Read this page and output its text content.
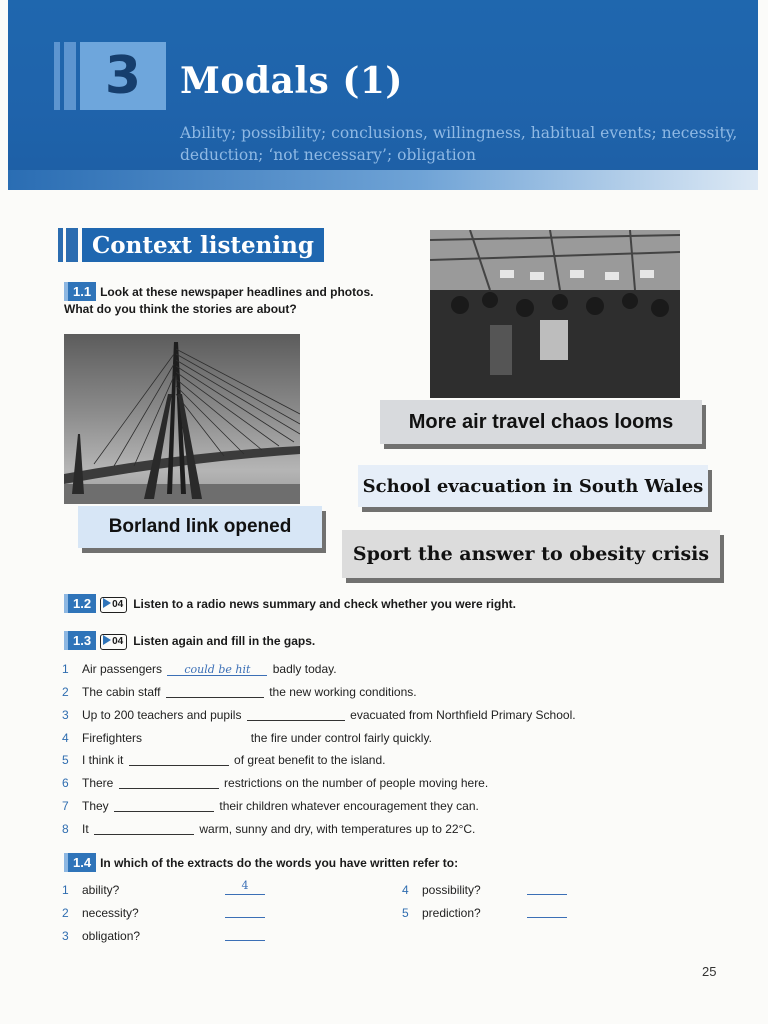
3 Modals (1)
Ability; possibility; conclusions, willingness, habitual events; necessity, deduction; ‘not necessary’; obligation
Context listening
1.1 Look at these newspaper headlines and photos.
What do you think the stories are about?
More air travel chaos looms
School evacuation in South Wales
Borland link opened
Sport the answer to obesity crisis
1.2 04 Listen to a radio news summary and check whether you were right.
1.3 04 Listen again and fill in the gaps.
1 Air passengers could be hit badly today.
2 The cabin staff	the new working conditions.
3 Up to 200 teachers and pupils	evacuated from Northfield Primary School.
4 Firefighters	the fire under control fairly quickly.
5 I think it	of great benefit to the island.
6 There	restrictions on the number of people moving here.
7 They	their children whatever encouragement they can.
8 It	warm, sunny and dry, with temperatures up to 22°C.
1.4 In which of the extracts do the words you have written refer to:
1 ability?	4
2 necessity?
3 obligation?
4 possibility?
5 prediction?
25
